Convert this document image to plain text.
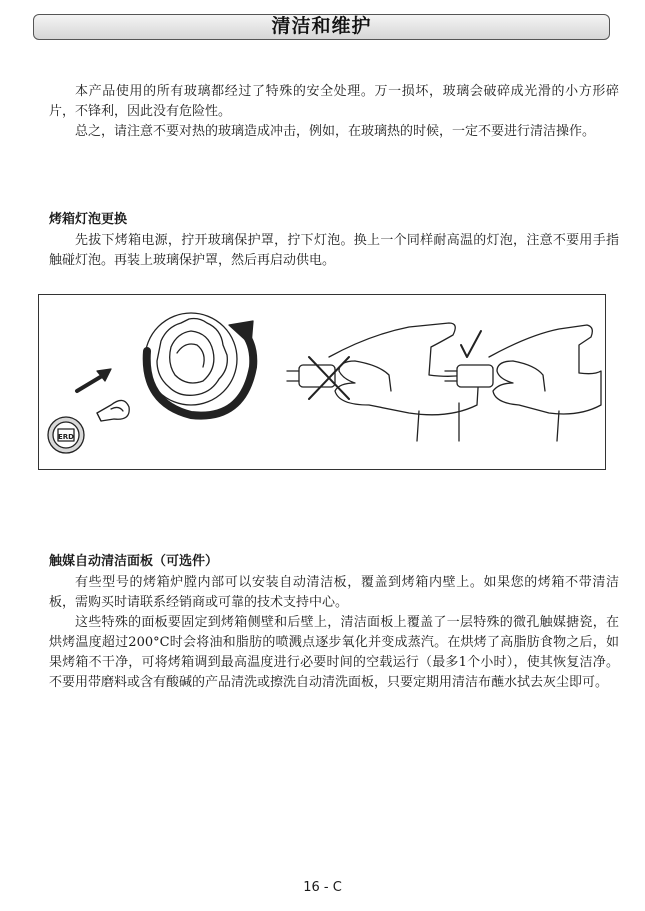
清洁和维护

本产品使用的所有玻璃都经过了特殊的安全处理。万一损坏，玻璃会破碎成光滑的小方形碎片，不锋利，因此没有危险性。

总之，请注意不要对热的玻璃造成冲击，例如，在玻璃热的时候，一定不要进行清洁操作。

烤箱灯泡更换

先拔下烤箱电源，拧开玻璃保护罩，拧下灯泡。换上一个同样耐高温的灯泡，注意不要用手指触碰灯泡。再装上玻璃保护罩，然后再启动供电。

ERD
触媒自动清洁面板（可选件）

有些型号的烤箱炉膛内部可以安装自动清洁板，覆盖到烤箱内壁上。如果您的烤箱不带清洁板，需购买时请联系经销商或可靠的技术支持中心。

这些特殊的面板要固定到烤箱侧壁和后壁上，清洁面板上覆盖了一层特殊的微孔触媒搪瓷，在烘烤温度超过200°C时会将油和脂肪的喷溅点逐步氧化并变成蒸汽。在烘烤了高脂肪食物之后，如果烤箱不干净，可将烤箱调到最高温度进行必要时间的空载运行（最多1个小时），使其恢复洁净。不要用带磨料或含有酸碱的产品清洗或擦洗自动清洗面板，只要定期用清洁布蘸水拭去灰尘即可。

16 - C
